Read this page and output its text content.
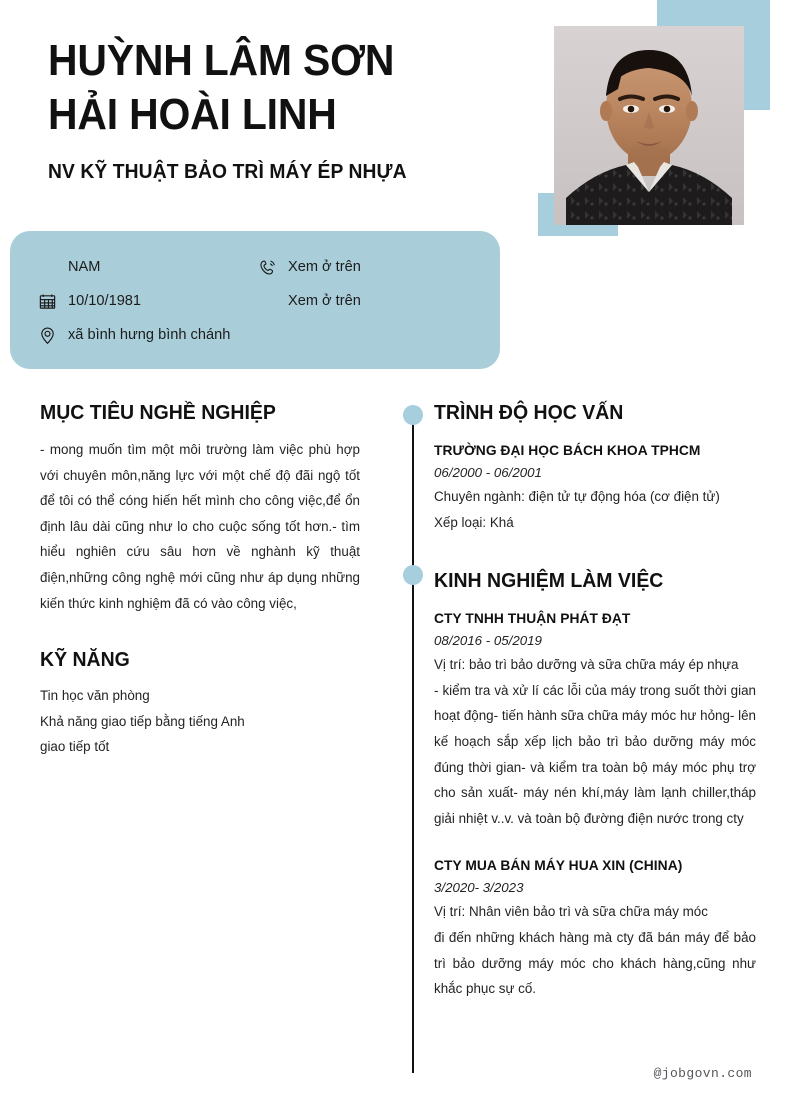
HUỲNH LÂM SƠN
HẢI HOÀI LINH
NV KỸ THUẬT BẢO TRÌ MÁY ÉP NHỰA
NAM
10/10/1981
xã bình hưng bình chánh
Xem ở trên
Xem ở trên
MỤC TIÊU NGHỀ NGHIỆP
- mong muốn tìm một môi trường làm việc phù hợp với chuyên môn,năng lực với một chế độ đãi ngộ tốt để tôi có thể cóng hiến hết mình cho công việc,để ổn định lâu dài cũng như lo cho cuộc sống tốt hơn.- tìm hiểu nghiên cứu sâu hơn về nghành kỹ thuật điện,những công nghệ mới cũng như áp dụng những kiến thức kinh nghiệm đã có vào công việc,
KỸ NĂNG
Tin học văn phòng
Khả năng giao tiếp bằng tiếng Anh
giao tiếp tốt
TRÌNH ĐỘ HỌC VẤN
TRƯỜNG ĐẠI HỌC BÁCH KHOA TPHCM
06/2000 - 06/2001
Chuyên ngành: điện tử tự động hóa (cơ điện tử)
Xếp loại: Khá
KINH NGHIỆM LÀM VIỆC
CTY TNHH THUẬN PHÁT ĐẠT
08/2016 - 05/2019
Vị trí: bảo trì bảo dưỡng và sữa chữa máy ép nhựa
- kiểm tra và xử lí các lỗi của máy trong suốt thời gian hoạt động- tiến hành sữa chữa máy móc hư hỏng- lên kế hoạch sắp xếp lịch bảo trì bảo dưỡng máy móc đúng thời gian- và kiểm tra toàn bộ máy móc phụ trợ cho sản xuất- máy nén khí,máy làm lạnh chiller,tháp giải nhiệt v..v. và toàn bộ đường điện nước trong cty
CTY MUA BÁN MÁY HUA XIN (CHINA)
3/2020- 3/2023
Vị trí: Nhân viên bảo trì và sữa chữa máy móc
đi đến những khách hàng mà cty đã bán máy để bảo trì bảo dưỡng máy móc cho khách hàng,cũng như khắc phục sự cố.
@jobgovn.com
